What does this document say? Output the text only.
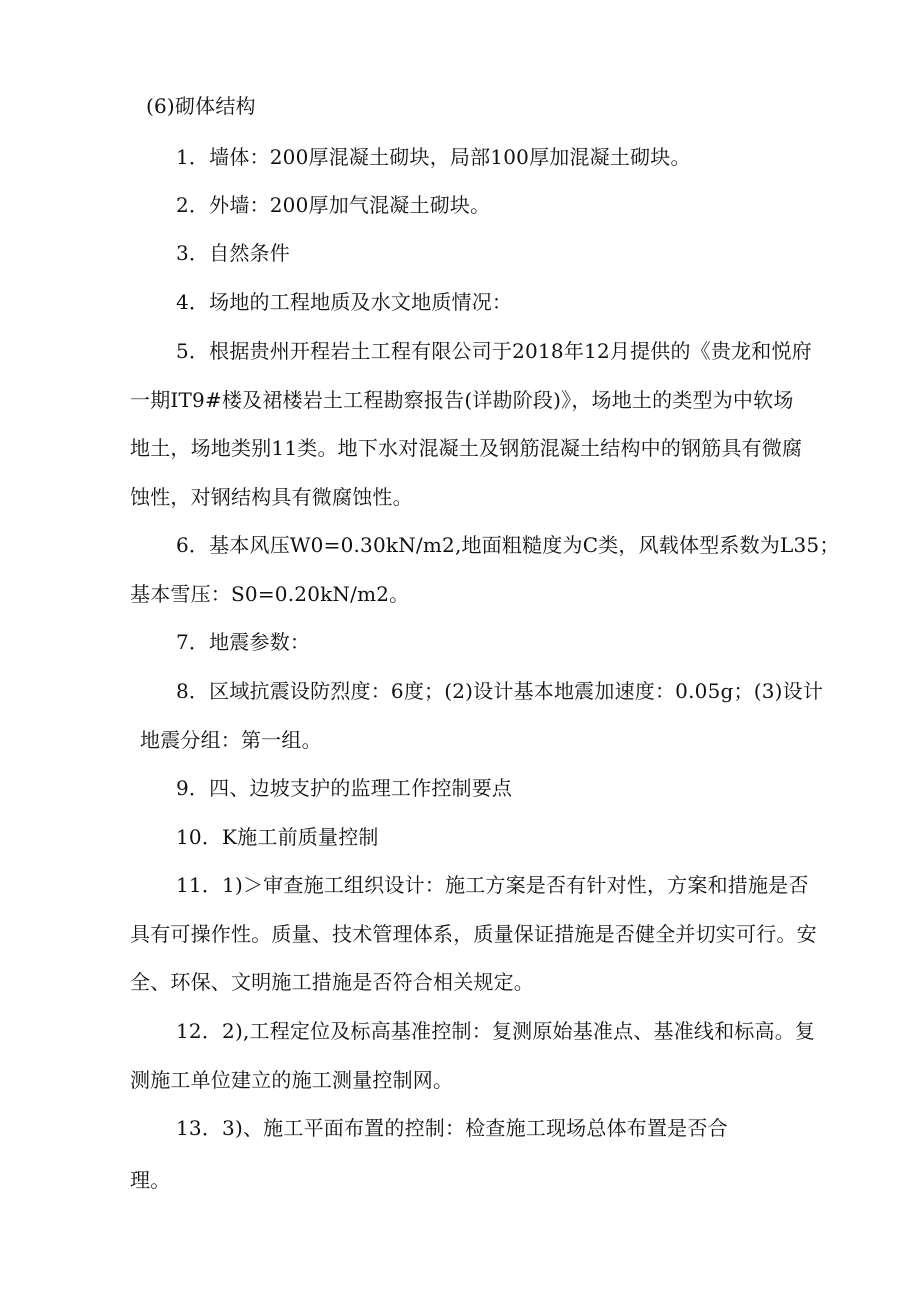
(6)砌体结构
1．墙体：200厚混凝土砌块，局部100厚加混凝土砌块。
2．外墙：200厚加气混凝土砌块。
3．自然条件
4．场地的工程地质及水文地质情况：
5．根据贵州开程岩土工程有限公司于2018年12月提供的《贵龙和悦府
一期IT9#楼及裙楼岩土工程勘察报告(详勘阶段)》，场地土的类型为中软场
地土，场地类别11类。地下水对混凝土及钢筋混凝土结构中的钢筋具有微腐
蚀性，对钢结构具有微腐蚀性。
6．基本风压W0=0.30kN/m2,地面粗糙度为C类，风载体型系数为L35；
基本雪压：S0=0.20kN/m2。
7．地震参数：
8．区域抗震设防烈度：6度；(2)设计基本地震加速度：0.05g；(3)设计
地震分组：第一组。
9．四、边坡支护的监理工作控制要点
10．K施工前质量控制
11．1)＞审查施工组织设计：施工方案是否有针对性，方案和措施是否
具有可操作性。质量、技术管理体系，质量保证措施是否健全并切实可行。安
全、环保、文明施工措施是否符合相关规定。
12．2),工程定位及标高基准控制：复测原始基准点、基准线和标高。复
测施工单位建立的施工测量控制网。
13．3)、施工平面布置的控制：检查施工现场总体布置是否合
理。
